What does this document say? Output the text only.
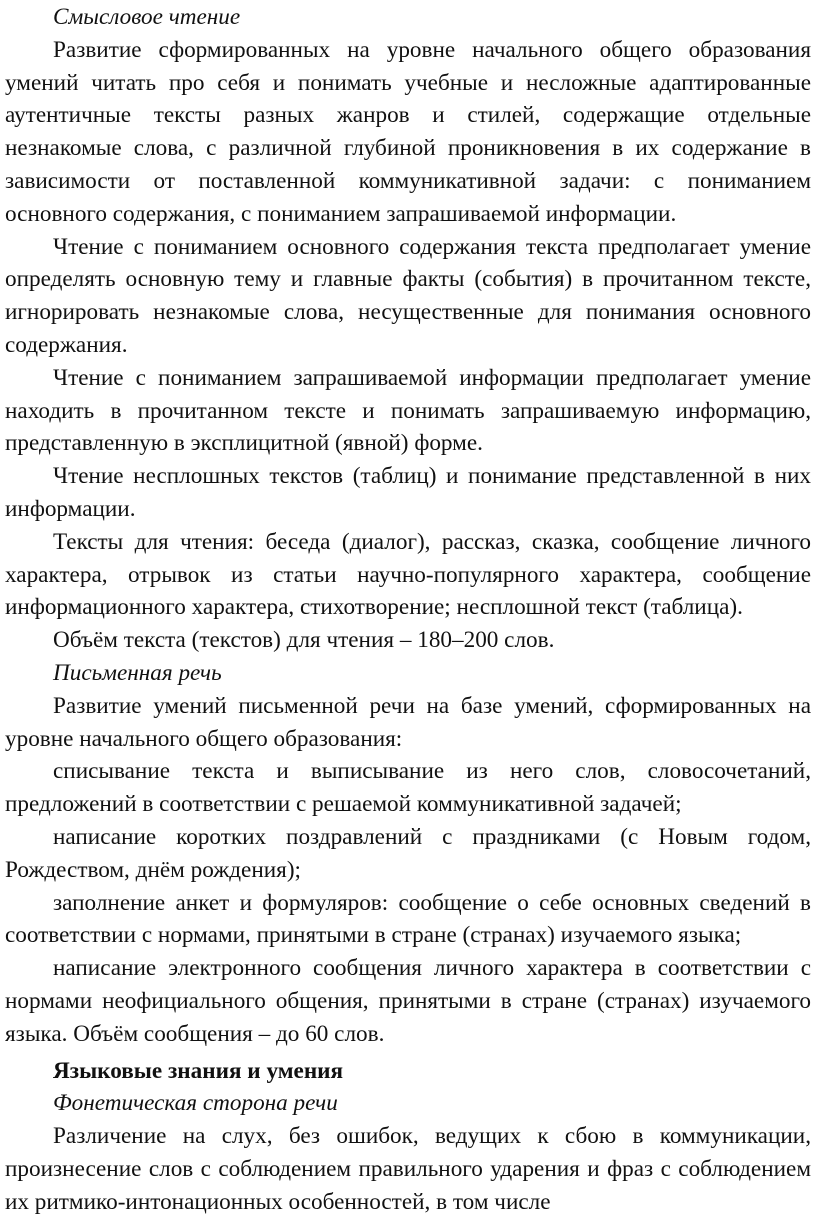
Смысловое чтение

Развитие сформированных на уровне начального общего образования умений читать про себя и понимать учебные и несложные адаптированные аутентичные тексты разных жанров и стилей, содержащие отдельные незнакомые слова, с различной глубиной проникновения в их содержание в зависимости от поставленной коммуникативной задачи: с пониманием основного содержания, с пониманием запрашиваемой информации.

Чтение с пониманием основного содержания текста предполагает умение определять основную тему и главные факты (события) в прочитанном тексте, игнорировать незнакомые слова, несущественные для понимания основного содержания.

Чтение с пониманием запрашиваемой информации предполагает умение находить в прочитанном тексте и понимать запрашиваемую информацию, представленную в эксплицитной (явной) форме.

Чтение несплошных текстов (таблиц) и понимание представленной в них информации.

Тексты для чтения: беседа (диалог), рассказ, сказка, сообщение личного характера, отрывок из статьи научно-популярного характера, сообщение информационного характера, стихотворение; несплошной текст (таблица).

Объём текста (текстов) для чтения – 180–200 слов.

Письменная речь

Развитие умений письменной речи на базе умений, сформированных на уровне начального общего образования:

списывание текста и выписывание из него слов, словосочетаний, предложений в соответствии с решаемой коммуникативной задачей;

написание коротких поздравлений с праздниками (с Новым годом, Рождеством, днём рождения);

заполнение анкет и формуляров: сообщение о себе основных сведений в соответствии с нормами, принятыми в стране (странах) изучаемого языка;

написание электронного сообщения личного характера в соответствии с нормами неофициального общения, принятыми в стране (странах) изучаемого языка. Объём сообщения – до 60 слов.

Языковые знания и умения

Фонетическая сторона речи

Различение на слух, без ошибок, ведущих к сбою в коммуникации, произнесение слов с соблюдением правильного ударения и фраз с соблюдением их ритмико-интонационных особенностей, в том числе
